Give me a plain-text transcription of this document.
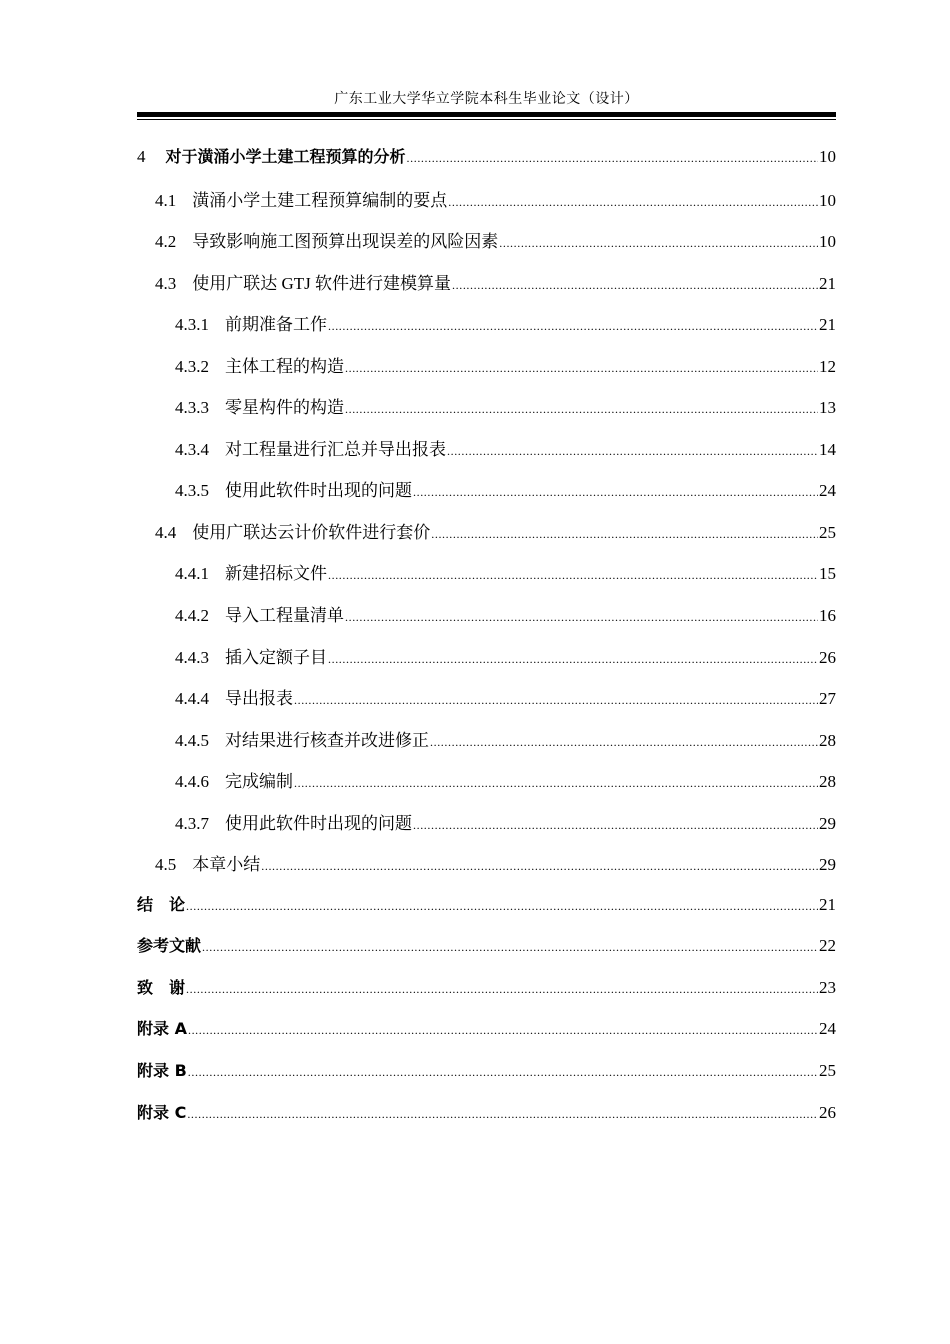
广东工业大学华立学院本科生毕业论文（设计）
4 对于潢涌小学土建工程预算的分析 .....	10
4.1 潢涌小学土建工程预算编制的要点 .....	10
4.2 导致影响施工图预算出现误差的风险因素 .....	10
4.3 使用广联达 GTJ 软件进行建模算量 .....	21
4.3.1 前期准备工作 .....	21
4.3.2 主体工程的构造 .....	12
4.3.3 零星构件的构造 .....	13
4.3.4 对工程量进行汇总并导出报表 .....	14
4.3.5 使用此软件时出现的问题 .....	24
4.4 使用广联达云计价软件进行套价 .....	25
4.4.1 新建招标文件 .....	15
4.4.2 导入工程量清单 .....	16
4.4.3 插入定额子目 .....	26
4.4.4 导出报表 .....	27
4.4.5 对结果进行核查并改进修正 .....	28
4.4.6 完成编制 .....	28
4.3.7 使用此软件时出现的问题 .....	29
4.5 本章小结 .....	29
结　论 .....	21
参考文献 .....	22
致　谢 .....	23
附录 A .....	24
附录 B .....	25
附录 C .....	26
